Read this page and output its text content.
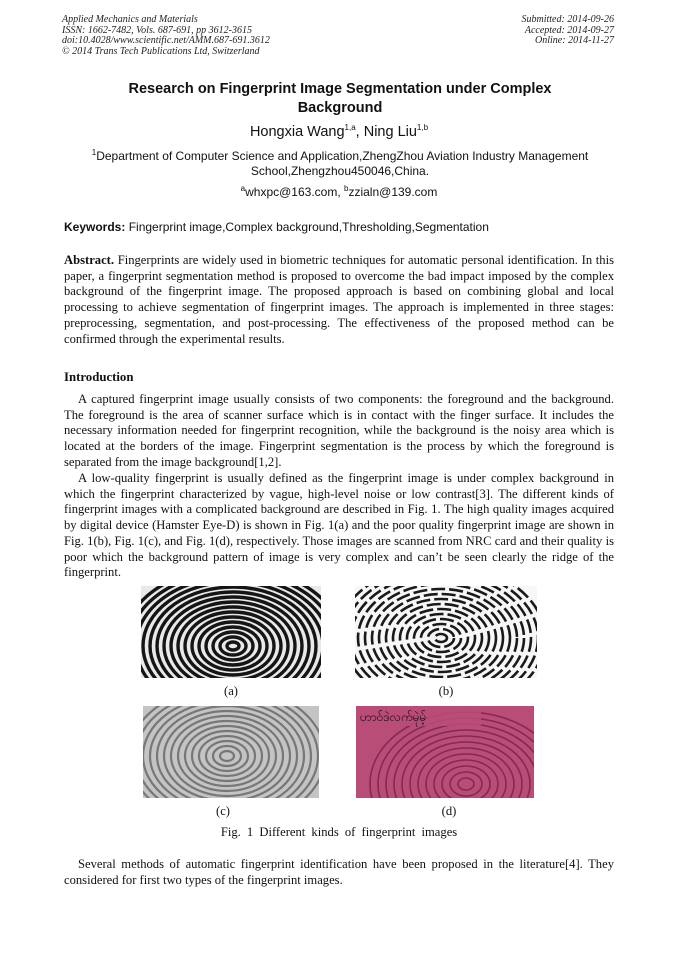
Applied Mechanics and Materials
ISSN: 1662-7482, Vols. 687-691, pp 3612-3615
doi:10.4028/www.scientific.net/AMM.687-691.3612
© 2014 Trans Tech Publications Ltd, Switzerland
Submitted: 2014-09-26
Accepted: 2014-09-27
Online: 2014-11-27
Research on Fingerprint Image Segmentation under Complex Background
Hongxia Wang$^{1,a}$, Ning Liu$^{1,b}$
$^1$Department of Computer Science and Application,ZhengZhou Aviation Industry Management School,Zhengzhou450046,China.
$^a$whxpc@163.com, $^b$zzialn@139.com
Keywords: Fingerprint image,Complex background,Thresholding,Segmentation
Abstract. Fingerprints are widely used in biometric techniques for automatic personal identification. In this paper, a fingerprint segmentation method is proposed to overcome the bad impact imposed by the complex background of the fingerprint image. The proposed approach is based on combining global and local processing to achieve segmentation of fingerprint images. The approach is implemented in three stages: preprocessing, segmentation, and post-processing. The effectiveness of the proposed method can be confirmed through the experimental results.
Introduction
A captured fingerprint image usually consists of two components: the foreground and the background. The foreground is the area of scanner surface which is in contact with the finger surface. It includes the necessary information needed for fingerprint recognition, while the background is the noisy area which is located at the borders of the image. Fingerprint segmentation is the process by which the foreground is separated from the image background[1,2].
A low-quality fingerprint is usually defined as the fingerprint image is under complex background in which the fingerprint characterized by vague, high-level noise or low contrast[3]. The different kinds of fingerprint images with a complicated background are described in Fig. 1. The high quality images acquired by digital device (Hamster Eye-D) is shown in Fig. 1(a) and the poor quality fingerprint image are shown in Fig. 1(b), Fig. 1(c), and Fig. 1(d), respectively. Those images are scanned from NRC card and their quality is poor which the background pattern of image is very complex and can’t be seen clearly the ridge of the fingerprint.
ဟာဝ်ဒဲလက်မုဲမ့်
(a)	(b)
(c)	(d)
Fig. 1 Different kinds of fingerprint images
Several methods of automatic fingerprint identification have been proposed in the literature[4]. They considered for first two types of the fingerprint images.
